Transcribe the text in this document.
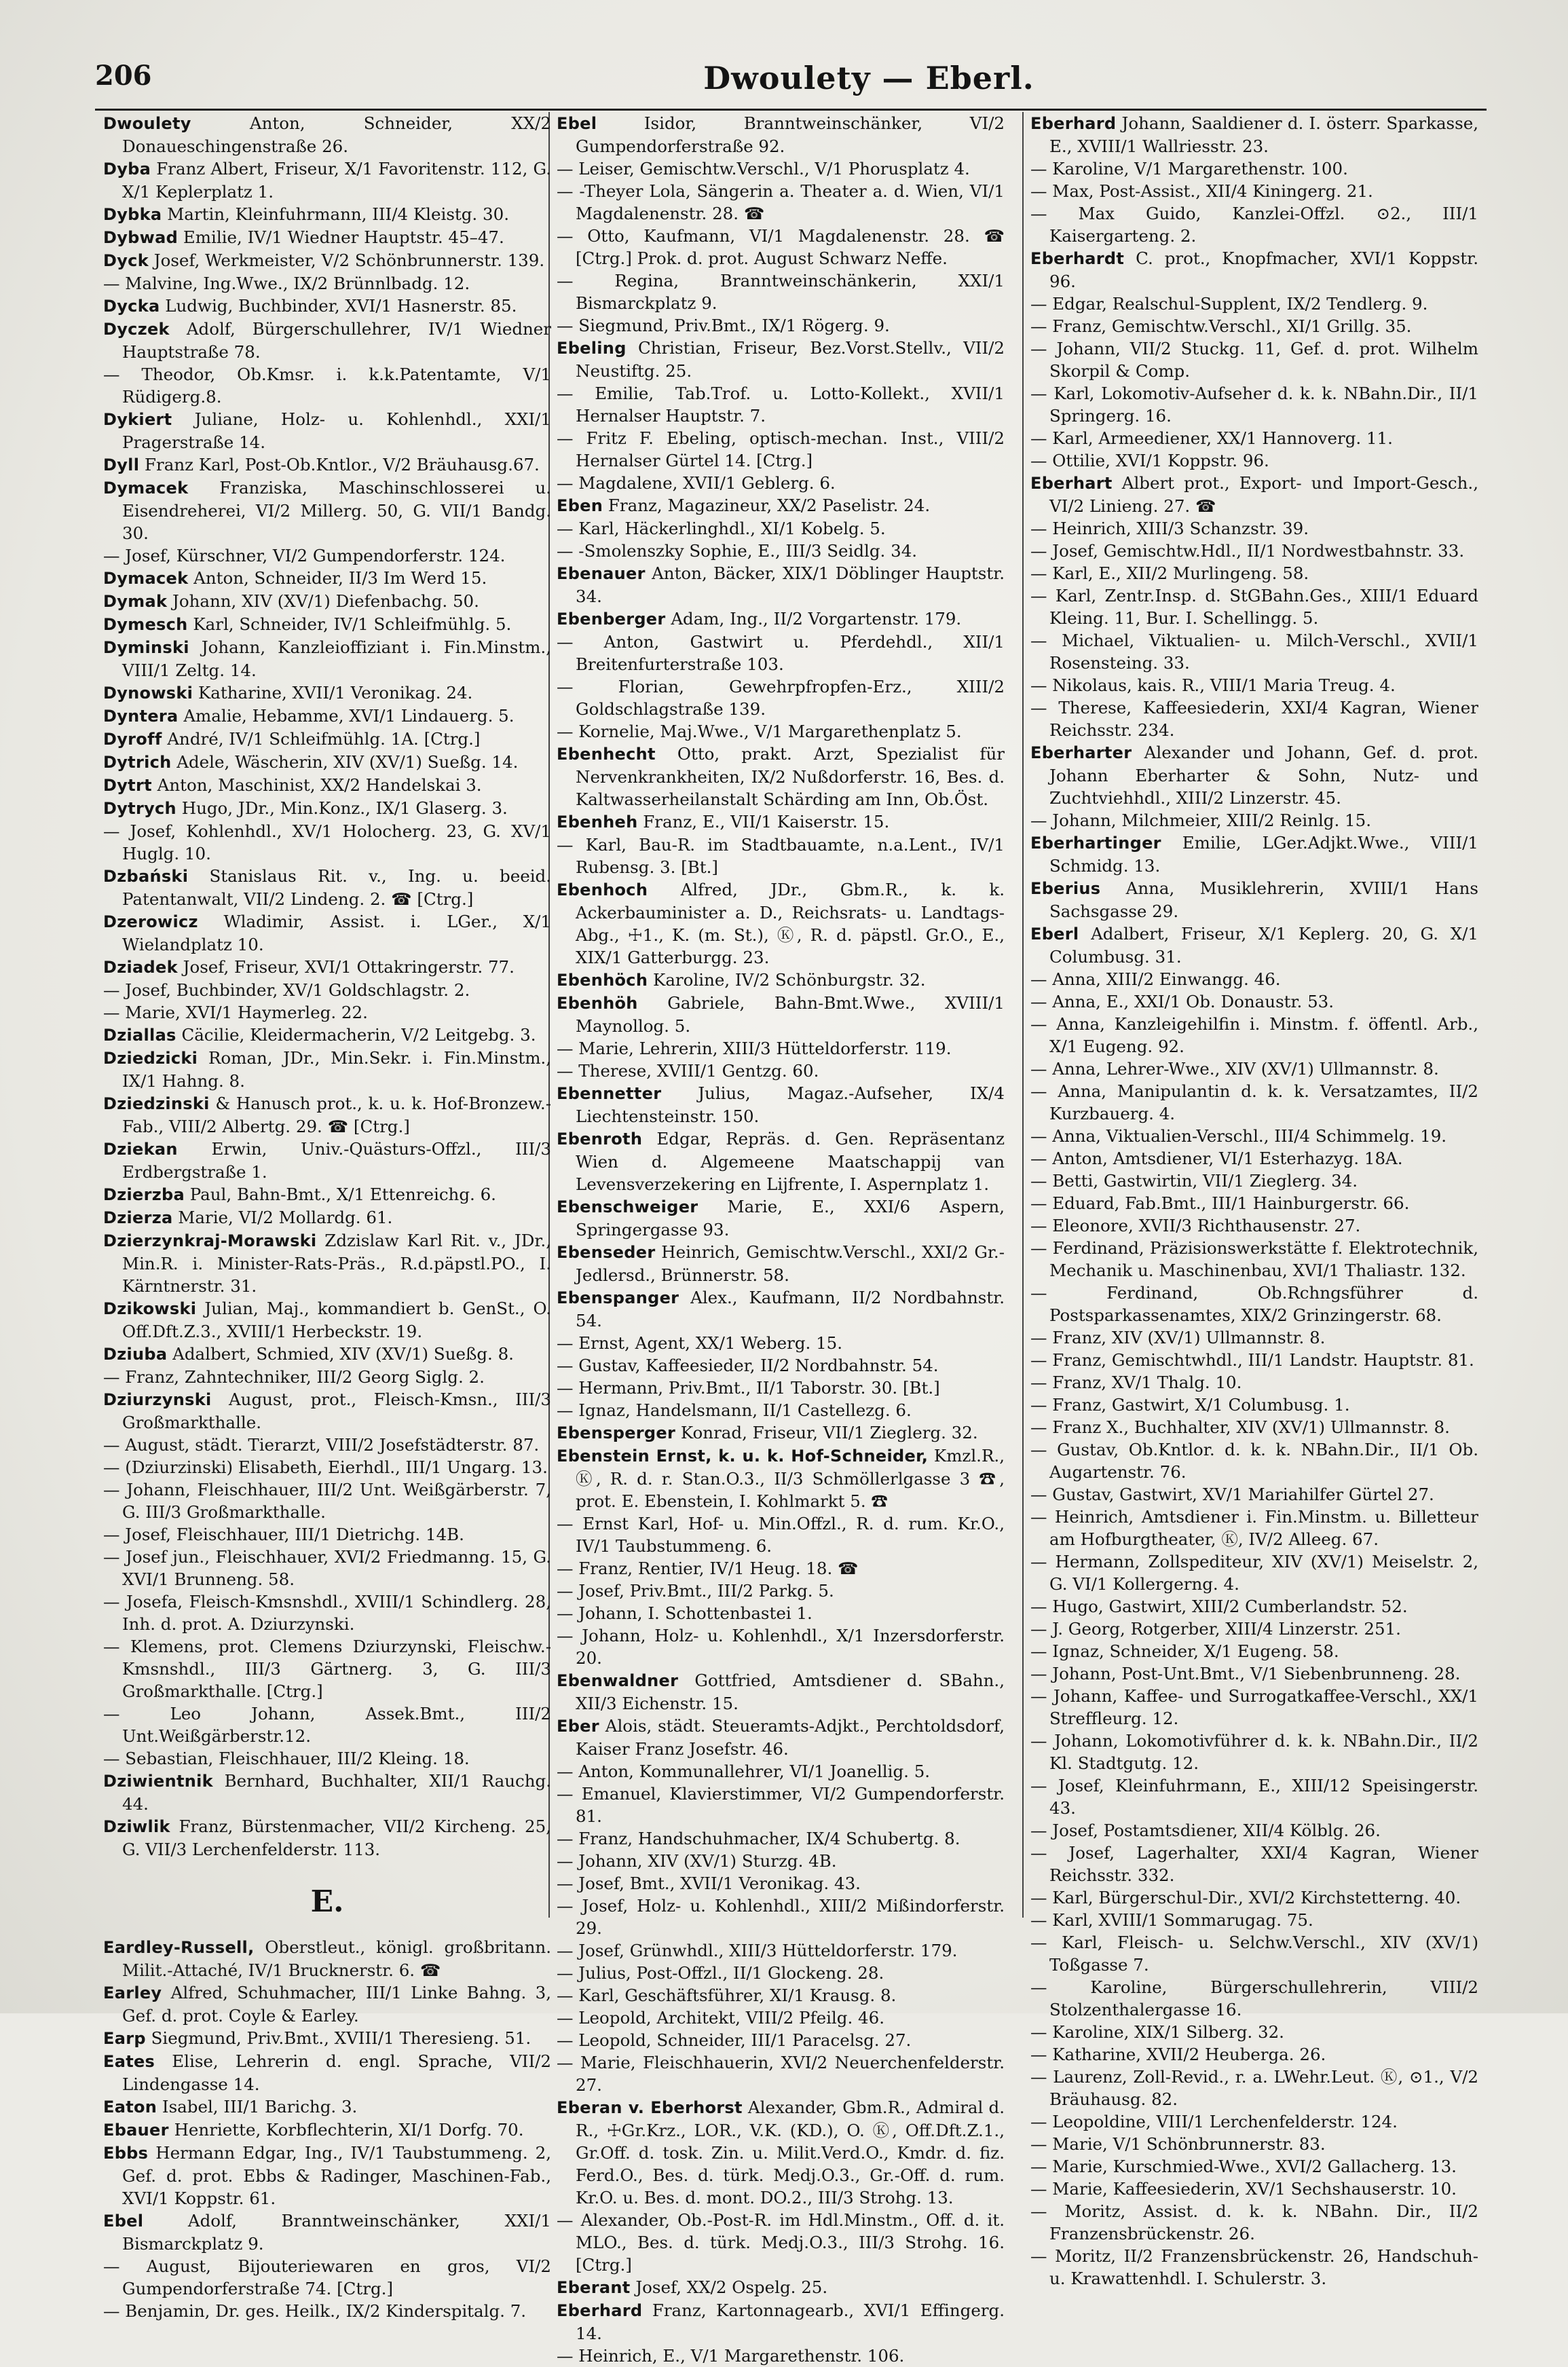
206	Dwoulety — Eberl.

Dwoulety Anton, Schneider, XX/2 Donaueschingenstraße 26.

Dyba Franz Albert, Friseur, X/1 Favoritenstr. 112, G. X/1 Keplerplatz 1.

Dybka Martin, Kleinfuhrmann, III/4 Kleistg. 30.

Dybwad Emilie, IV/1 Wiedner Hauptstr. 45–47.

Dyck Josef, Werkmeister, V/2 Schönbrunnerstr. 139.

— Malvine, Ing.Wwe., IX/2 Brünnlbadg. 12.

Dycka Ludwig, Buchbinder, XVI/1 Hasnerstr. 85.

Dyczek Adolf, Bürgerschullehrer, IV/1 Wiedner Hauptstraße 78.

— Theodor, Ob.Kmsr. i. k.k.Patentamte, V/1 Rüdigerg.8.

Dykiert Juliane, Holz- u. Kohlenhdl., XXI/1 Pragerstraße 14.

Dyll Franz Karl, Post-Ob.Kntlor., V/2 Bräuhausg.67.

Dymacek Franziska, Maschinschlosserei u. Eisendreherei, VI/2 Millerg. 50, G. VII/1 Bandg. 30.

— Josef, Kürschner, VI/2 Gumpendorferstr. 124.

Dymacek Anton, Schneider, II/3 Im Werd 15.

Dymak Johann, XIV (XV/1) Diefenbachg. 50.

Dymesch Karl, Schneider, IV/1 Schleifmühlg. 5.

Dyminski Johann, Kanzleioffiziant i. Fin.Minstm., VIII/1 Zeltg. 14.

Dynowski Katharine, XVII/1 Veronikag. 24.

Dyntera Amalie, Hebamme, XVI/1 Lindauerg. 5.

Dyroff André, IV/1 Schleifmühlg. 1A. [Ctrg.]

Dytrich Adele, Wäscherin, XIV (XV/1) Sueßg. 14.

Dytrt Anton, Maschinist, XX/2 Handelskai 3.

Dytrych Hugo, JDr., Min.Konz., IX/1 Glaserg. 3.

— Josef, Kohlenhdl., XV/1 Holocherg. 23, G. XV/1 Huglg. 10.

Dzbański Stanislaus Rit. v., Ing. u. beeid. Patentanwalt, VII/2 Lindeng. 2. ☎ [Ctrg.]

Dzerowicz Wladimir, Assist. i. LGer., X/1 Wielandplatz 10.

Dziadek Josef, Friseur, XVI/1 Ottakringerstr. 77.

— Josef, Buchbinder, XV/1 Goldschlagstr. 2.

— Marie, XVI/1 Haymerleg. 22.

Dziallas Cäcilie, Kleidermacherin, V/2 Leitgebg. 3.

Dziedzicki Roman, JDr., Min.Sekr. i. Fin.Minstm., IX/1 Hahng. 8.

Dziedzinski & Hanusch prot., k. u. k. Hof-Bronzew.-Fab., VIII/2 Albertg. 29. ☎ [Ctrg.]

Dziekan Erwin, Univ.-Quästurs-Offzl., III/3 Erdbergstraße 1.

Dzierzba Paul, Bahn-Bmt., X/1 Ettenreichg. 6.

Dzierza Marie, VI/2 Mollardg. 61.

Dzierzynkraj-Morawski Zdzislaw Karl Rit. v., JDr., Min.R. i. Minister-Rats-Präs., R.d.päpstl.PO., I. Kärntnerstr. 31.

Dzikowski Julian, Maj., kommandiert b. GenSt., O. Off.Dft.Z.3., XVIII/1 Herbeckstr. 19.

Dziuba Adalbert, Schmied, XIV (XV/1) Sueßg. 8.

— Franz, Zahntechniker, III/2 Georg Siglg. 2.

Dziurzynski August, prot., Fleisch-Kmsn., III/3 Großmarkthalle.

— August, städt. Tierarzt, VIII/2 Josefstädterstr. 87.

— (Dziurzinski) Elisabeth, Eierhdl., III/1 Ungarg. 13.

— Johann, Fleischhauer, III/2 Unt. Weißgärberstr. 7, G. III/3 Großmarkthalle.

— Josef, Fleischhauer, III/1 Dietrichg. 14B.

— Josef jun., Fleischhauer, XVI/2 Friedmanng. 15, G. XVI/1 Brunneng. 58.

— Josefa, Fleisch-Kmsnshdl., XVIII/1 Schindlerg. 28, Inh. d. prot. A. Dziurzynski.

— Klemens, prot. Clemens Dziurzynski, Fleischw.-Kmsnshdl., III/3 Gärtnerg. 3, G. III/3 Großmarkthalle. [Ctrg.]

— Leo Johann, Assek.Bmt., III/2 Unt.Weißgärberstr.12.

— Sebastian, Fleischhauer, III/2 Kleing. 18.

Dziwientnik Bernhard, Buchhalter, XII/1 Rauchg. 44.

Dziwlik Franz, Bürstenmacher, VII/2 Kircheng. 25, G. VII/3 Lerchenfelderstr. 113.

E.

Eardley-Russell, Oberstleut., königl. großbritann. Milit.-Attaché, IV/1 Brucknerstr. 6. ☎

Earley Alfred, Schuhmacher, III/1 Linke Bahng. 3, Gef. d. prot. Coyle & Earley.

Earp Siegmund, Priv.Bmt., XVIII/1 Theresieng. 51.

Eates Elise, Lehrerin d. engl. Sprache, VII/2 Lindengasse 14.

Eaton Isabel, III/1 Barichg. 3.

Ebauer Henriette, Korbflechterin, XI/1 Dorfg. 70.

Ebbs Hermann Edgar, Ing., IV/1 Taubstummeng. 2, Gef. d. prot. Ebbs & Radinger, Maschinen-Fab., XVI/1 Koppstr. 61.

Ebel Adolf, Branntweinschänker, XXI/1 Bismarckplatz 9.

— August, Bijouteriewaren en gros, VI/2 Gumpendorferstraße 74. [Ctrg.]

— Benjamin, Dr. ges. Heilk., IX/2 Kinderspitalg. 7.

Ebel Isidor, Branntweinschänker, VI/2 Gumpendorferstraße 92.

— Leiser, Gemischtw.Verschl., V/1 Phorusplatz 4.

— -Theyer Lola, Sängerin a. Theater a. d. Wien, VI/1 Magdalenenstr. 28. ☎

— Otto, Kaufmann, VI/1 Magdalenenstr. 28. ☎ [Ctrg.] Prok. d. prot. August Schwarz Neffe.

— Regina, Branntweinschänkerin, XXI/1 Bismarckplatz 9.

— Siegmund, Priv.Bmt., IX/1 Rögerg. 9.

Ebeling Christian, Friseur, Bez.Vorst.Stellv., VII/2 Neustiftg. 25.

— Emilie, Tab.Trof. u. Lotto-Kollekt., XVII/1 Hernalser Hauptstr. 7.

— Fritz F. Ebeling, optisch-mechan. Inst., VIII/2 Hernalser Gürtel 14. [Ctrg.]

— Magdalene, XVII/1 Geblerg. 6.

Eben Franz, Magazineur, XX/2 Paselistr. 24.

— Karl, Häckerlinghdl., XI/1 Kobelg. 5.

— -Smolenszky Sophie, E., III/3 Seidlg. 34.

Ebenauer Anton, Bäcker, XIX/1 Döblinger Hauptstr. 34.

Ebenberger Adam, Ing., II/2 Vorgartenstr. 179.

— Anton, Gastwirt u. Pferdehdl., XII/1 Breitenfurterstraße 103.

— Florian, Gewehrpfropfen-Erz., XIII/2 Goldschlagstraße 139.

— Kornelie, Maj.Wwe., V/1 Margarethenplatz 5.

Ebenhecht Otto, prakt. Arzt, Spezialist für Nervenkrankheiten, IX/2 Nußdorferstr. 16, Bes. d. Kaltwasserheilanstalt Schärding am Inn, Ob.Öst.

Ebenheh Franz, E., VII/1 Kaiserstr. 15.

— Karl, Bau-R. im Stadtbauamte, n.a.Lent., IV/1 Rubensg. 3. [Bt.]

Ebenhoch Alfred, JDr., Gbm.R., k. k. Ackerbauminister a. D., Reichsrats- u. Landtags-Abg., ☩1., K. (m. St.), Ⓚ, R. d. päpstl. Gr.O., E., XIX/1 Gatterburgg. 23.

Ebenhöch Karoline, IV/2 Schönburgstr. 32.

Ebenhöh Gabriele, Bahn-Bmt.Wwe., XVIII/1 Maynollog. 5.

— Marie, Lehrerin, XIII/3 Hütteldorferstr. 119.

— Therese, XVIII/1 Gentzg. 60.

Ebennetter Julius, Magaz.-Aufseher, IX/4 Liechtensteinstr. 150.

Ebenroth Edgar, Repräs. d. Gen. Repräsentanz Wien d. Algemeene Maatschappij van Levensverzekering en Lijfrente, I. Aspernplatz 1.

Ebenschweiger Marie, E., XXI/6 Aspern, Springergasse 93.

Ebenseder Heinrich, Gemischtw.Verschl., XXI/2 Gr.-Jedlersd., Brünnerstr. 58.

Ebenspanger Alex., Kaufmann, II/2 Nordbahnstr. 54.

— Ernst, Agent, XX/1 Weberg. 15.

— Gustav, Kaffeesieder, II/2 Nordbahnstr. 54.

— Hermann, Priv.Bmt., II/1 Taborstr. 30. [Bt.]

— Ignaz, Handelsmann, II/1 Castellezg. 6.

Ebensperger Konrad, Friseur, VII/1 Zieglerg. 32.

Ebenstein Ernst, k. u. k. Hof-Schneider, Kmzl.R., Ⓚ, R. d. r. Stan.O.3., II/3 Schmöllerlgasse 3 ☎, prot. E. Ebenstein, I. Kohlmarkt 5. ☎

— Ernst Karl, Hof- u. Min.Offzl., R. d. rum. Kr.O., IV/1 Taubstummeng. 6.

— Franz, Rentier, IV/1 Heug. 18. ☎

— Josef, Priv.Bmt., III/2 Parkg. 5.

— Johann, I. Schottenbastei 1.

— Johann, Holz- u. Kohlenhdl., X/1 Inzersdorferstr. 20.

Ebenwaldner Gottfried, Amtsdiener d. SBahn., XII/3 Eichenstr. 15.

Eber Alois, städt. Steueramts-Adjkt., Perchtoldsdorf, Kaiser Franz Josefstr. 46.

— Anton, Kommunallehrer, VI/1 Joanellig. 5.

— Emanuel, Klavierstimmer, VI/2 Gumpendorferstr. 81.

— Franz, Handschuhmacher, IX/4 Schubertg. 8.

— Johann, XIV (XV/1) Sturzg. 4B.

— Josef, Bmt., XVII/1 Veronikag. 43.

— Josef, Holz- u. Kohlenhdl., XIII/2 Mißindorferstr. 29.

— Josef, Grünwhdl., XIII/3 Hütteldorferstr. 179.

— Julius, Post-Offzl., II/1 Glockeng. 28.

— Karl, Geschäftsführer, XI/1 Krausg. 8.

— Leopold, Architekt, VIII/2 Pfeilg. 46.

— Leopold, Schneider, III/1 Paracelsg. 27.

— Marie, Fleischhauerin, XVI/2 Neuerchenfelderstr. 27.

Eberan v. Eberhorst Alexander, Gbm.R., Admiral d. R., ☩Gr.Krz., LOR., V.K. (KD.), O. Ⓚ, Off.Dft.Z.1., Gr.Off. d. tosk. Zin. u. Milit.Verd.O., Kmdr. d. fiz. Ferd.O., Bes. d. türk. Medj.O.3., Gr.-Off. d. rum. Kr.O. u. Bes. d. mont. DO.2., III/3 Strohg. 13.

— Alexander, Ob.-Post-R. im Hdl.Minstm., Off. d. it. MLO., Bes. d. türk. Medj.O.3., III/3 Strohg. 16. [Ctrg.]

Eberant Josef, XX/2 Ospelg. 25.

Eberhard Franz, Kartonnagearb., XVI/1 Effingerg. 14.

— Heinrich, E., V/1 Margarethenstr. 106.

Eberhard Johann, Saaldiener d. I. österr. Sparkasse, E., XVIII/1 Wallriesstr. 23.

— Karoline, V/1 Margarethenstr. 100.

— Max, Post-Assist., XII/4 Kiningerg. 21.

— Max Guido, Kanzlei-Offzl. ⊙2., III/1 Kaisergarteng. 2.

Eberhardt C. prot., Knopfmacher, XVI/1 Koppstr. 96.

— Edgar, Realschul-Supplent, IX/2 Tendlerg. 9.

— Franz, Gemischtw.Verschl., XI/1 Grillg. 35.

— Johann, VII/2 Stuckg. 11, Gef. d. prot. Wilhelm Skorpil & Comp.

— Karl, Lokomotiv-Aufseher d. k. k. NBahn.Dir., II/1 Springerg. 16.

— Karl, Armeediener, XX/1 Hannoverg. 11.

— Ottilie, XVI/1 Koppstr. 96.

Eberhart Albert prot., Export- und Import-Gesch., VI/2 Linieng. 27. ☎

— Heinrich, XIII/3 Schanzstr. 39.

— Josef, Gemischtw.Hdl., II/1 Nordwestbahnstr. 33.

— Karl, E., XII/2 Murlingeng. 58.

— Karl, Zentr.Insp. d. StGBahn.Ges., XIII/1 Eduard Kleing. 11, Bur. I. Schellingg. 5.

— Michael, Viktualien- u. Milch-Verschl., XVII/1 Rosensteing. 33.

— Nikolaus, kais. R., VIII/1 Maria Treug. 4.

— Therese, Kaffeesiederin, XXI/4 Kagran, Wiener Reichsstr. 234.

Eberharter Alexander und Johann, Gef. d. prot. Johann Eberharter & Sohn, Nutz- und Zuchtviehhdl., XIII/2 Linzerstr. 45.

— Johann, Milchmeier, XIII/2 Reinlg. 15.

Eberhartinger Emilie, LGer.Adjkt.Wwe., VIII/1 Schmidg. 13.

Eberius Anna, Musiklehrerin, XVIII/1 Hans Sachsgasse 29.

Eberl Adalbert, Friseur, X/1 Keplerg. 20, G. X/1 Columbusg. 31.

— Anna, XIII/2 Einwangg. 46.

— Anna, E., XXI/1 Ob. Donaustr. 53.

— Anna, Kanzleigehilfin i. Minstm. f. öffentl. Arb., X/1 Eugeng. 92.

— Anna, Lehrer-Wwe., XIV (XV/1) Ullmannstr. 8.

— Anna, Manipulantin d. k. k. Versatzamtes, II/2 Kurzbauerg. 4.

— Anna, Viktualien-Verschl., III/4 Schimmelg. 19.

— Anton, Amtsdiener, VI/1 Esterhazyg. 18A.

— Betti, Gastwirtin, VII/1 Zieglerg. 34.

— Eduard, Fab.Bmt., III/1 Hainburgerstr. 66.

— Eleonore, XVII/3 Richthausenstr. 27.

— Ferdinand, Präzisionswerkstätte f. Elektrotechnik, Mechanik u. Maschinenbau, XVI/1 Thaliastr. 132.

— Ferdinand, Ob.Rchngsführer d. Postsparkassenamtes, XIX/2 Grinzingerstr. 68.

— Franz, XIV (XV/1) Ullmannstr. 8.

— Franz, Gemischtwhdl., III/1 Landstr. Hauptstr. 81.

— Franz, XV/1 Thalg. 10.

— Franz, Gastwirt, X/1 Columbusg. 1.

— Franz X., Buchhalter, XIV (XV/1) Ullmannstr. 8.

— Gustav, Ob.Kntlor. d. k. k. NBahn.Dir., II/1 Ob. Augartenstr. 76.

— Gustav, Gastwirt, XV/1 Mariahilfer Gürtel 27.

— Heinrich, Amtsdiener i. Fin.Minstm. u. Billetteur am Hofburgtheater, Ⓚ, IV/2 Alleeg. 67.

— Hermann, Zollspediteur, XIV (XV/1) Meiselstr. 2, G. VI/1 Kollergerng. 4.

— Hugo, Gastwirt, XIII/2 Cumberlandstr. 52.

— J. Georg, Rotgerber, XIII/4 Linzerstr. 251.

— Ignaz, Schneider, X/1 Eugeng. 58.

— Johann, Post-Unt.Bmt., V/1 Siebenbrunneng. 28.

— Johann, Kaffee- und Surrogatkaffee-Verschl., XX/1 Streffleurg. 12.

— Johann, Lokomotivführer d. k. k. NBahn.Dir., II/2 Kl. Stadtgutg. 12.

— Josef, Kleinfuhrmann, E., XIII/12 Speisingerstr. 43.

— Josef, Postamtsdiener, XII/4 Kölblg. 26.

— Josef, Lagerhalter, XXI/4 Kagran, Wiener Reichsstr. 332.

— Karl, Bürgerschul-Dir., XVI/2 Kirchstetterng. 40.

— Karl, XVIII/1 Sommarugag. 75.

— Karl, Fleisch- u. Selchw.Verschl., XIV (XV/1) Toßgasse 7.

— Karoline, Bürgerschullehrerin, VIII/2 Stolzenthalergasse 16.

— Karoline, XIX/1 Silberg. 32.

— Katharine, XVII/2 Heuberga. 26.

— Laurenz, Zoll-Revid., r. a. LWehr.Leut. Ⓚ, ⊙1., V/2 Bräuhausg. 82.

— Leopoldine, VIII/1 Lerchenfelderstr. 124.

— Marie, V/1 Schönbrunnerstr. 83.

— Marie, Kurschmied-Wwe., XVI/2 Gallacherg. 13.

— Marie, Kaffeesiederin, XV/1 Sechshauserstr. 10.

— Moritz, Assist. d. k. k. NBahn. Dir., II/2 Franzensbrückenstr. 26.

— Moritz, II/2 Franzensbrückenstr. 26, Handschuh- u. Krawattenhdl. I. Schulerstr. 3.
